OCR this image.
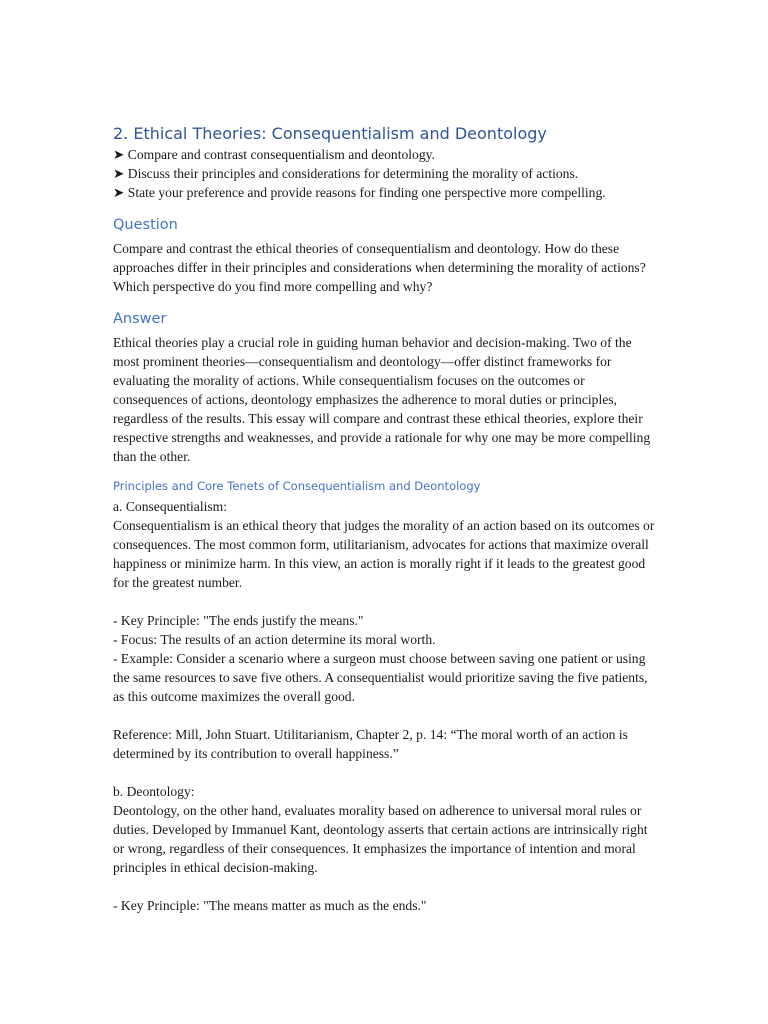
2. Ethical Theories: Consequentialism and Deontology
➤ Compare and contrast consequentialism and deontology.
➤ Discuss their principles and considerations for determining the morality of actions.
➤ State your preference and provide reasons for finding one perspective more compelling.
Question

Compare and contrast the ethical theories of consequentialism and deontology. How do these approaches differ in their principles and considerations when determining the morality of actions? Which perspective do you find more compelling and why?

Answer

Ethical theories play a crucial role in guiding human behavior and decision-making. Two of the most prominent theories—consequentialism and deontology—offer distinct frameworks for evaluating the morality of actions. While consequentialism focuses on the outcomes or consequences of actions, deontology emphasizes the adherence to moral duties or principles, regardless of the results. This essay will compare and contrast these ethical theories, explore their respective strengths and weaknesses, and provide a rationale for why one may be more compelling than the other.

Principles and Core Tenets of Consequentialism and Deontology

a. Consequentialism:

Consequentialism is an ethical theory that judges the morality of an action based on its outcomes or consequences. The most common form, utilitarianism, advocates for actions that maximize overall happiness or minimize harm. In this view, an action is morally right if it leads to the greatest good for the greatest number.

- Key Principle: "The ends justify the means."

- Focus: The results of an action determine its moral worth.

- Example: Consider a scenario where a surgeon must choose between saving one patient or using the same resources to save five others. A consequentialist would prioritize saving the five patients, as this outcome maximizes the overall good.

Reference: Mill, John Stuart. Utilitarianism, Chapter 2, p. 14: “The moral worth of an action is determined by its contribution to overall happiness.”

b. Deontology:

Deontology, on the other hand, evaluates morality based on adherence to universal moral rules or duties. Developed by Immanuel Kant, deontology asserts that certain actions are intrinsically right or wrong, regardless of their consequences. It emphasizes the importance of intention and moral principles in ethical decision-making.

- Key Principle: "The means matter as much as the ends."
